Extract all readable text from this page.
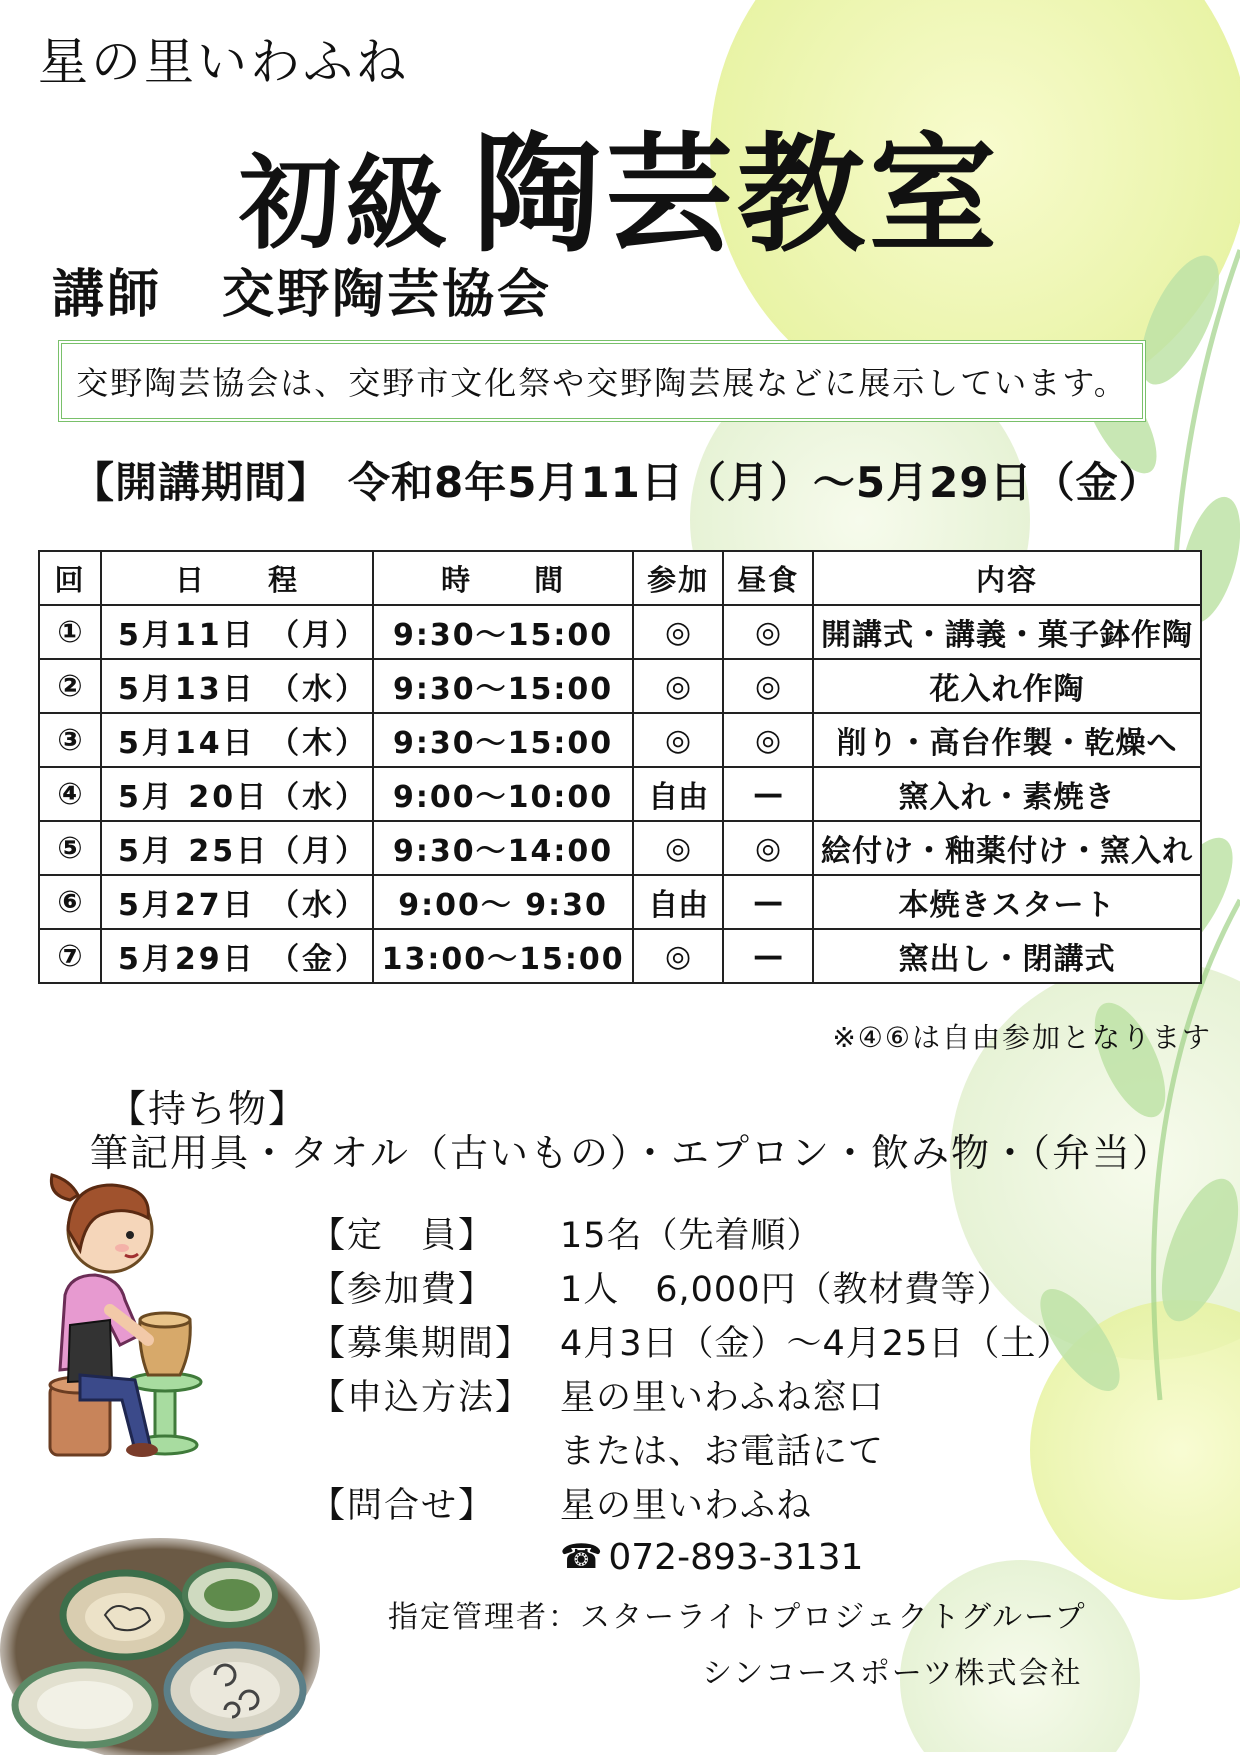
星の里いわふね
初級 陶芸教室
講師 交野陶芸協会
交野陶芸協会は、交野市文化祭や交野陶芸展などに展示しています。
【開講期間】 令和8年5月11日（月）～5月29日（金）
回	日　　程	時　　間	参加	昼食	内容
①	5月11日 （月）	9:30～15:00	◎	◎	開講式・講義・菓子鉢作陶
②	5月13日 （水）	9:30～15:00	◎	◎	花入れ作陶
③	5月14日 （木）	9:30～15:00	◎	◎	削り・高台作製・乾燥へ
④	5月 20日（水）	9:00～10:00	自由	—	窯入れ・素焼き
⑤	5月 25日（月）	9:30～14:00	◎	◎	絵付け・釉薬付け・窯入れ
⑥	5月27日 （水）	9:00～ 9:30	自由	—	本焼きスタート
⑦	5月29日 （金）	13:00～15:00	◎	—	窯出し・閉講式
※④⑥は自由参加となります
【持ち物】
筆記用具・タオル（古いもの）・エプロン・飲み物・（弁当）
【定　員】	15名（先着順）
【参加費】	1人　6,000円（教材費等）
【募集期間】 4月3日（金）～4月25日（土）
【申込方法】 星の里いわふね窓口
または、お電話にて
【問合せ】	星の里いわふね
☎ 072-893-3131
指定管理者：スターライトプロジェクトグループ
シンコースポーツ株式会社
